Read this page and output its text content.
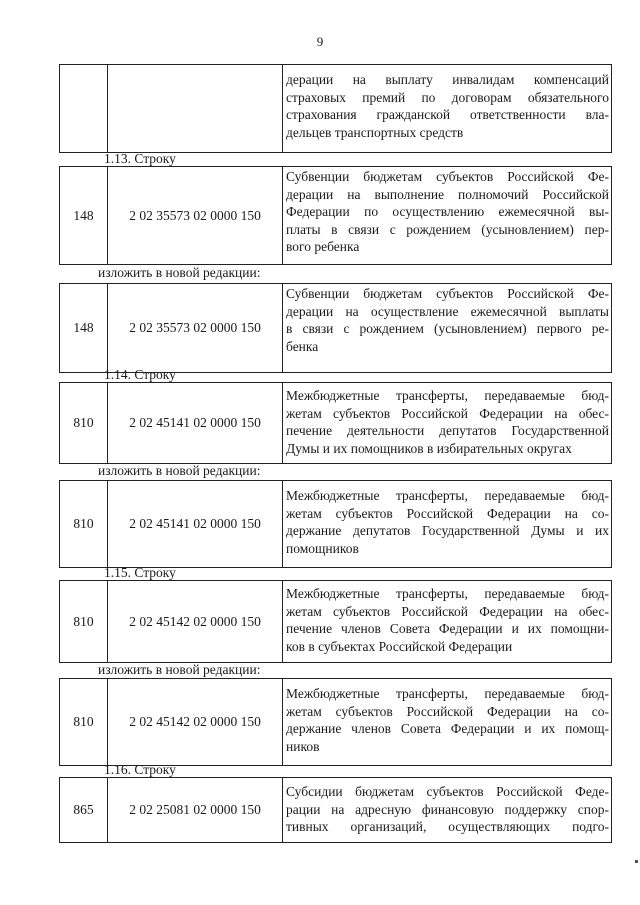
9

дерации на выплату инвалидам компенсаций
страховых премий по договорам обязательного
страхования гражданской ответственности вла-
дельцев транспортных средств
1.13. Строку
148	2 02 35573 02 0000 150	
Субвенции бюджетам субъектов Российской Фе-
дерации на выполнение полномочий Российской
Федерации по осуществлению ежемесячной вы-
платы в связи с рождением (усыновлением) пер-
вого ребенка
изложить в новой редакции:
148	2 02 35573 02 0000 150	
Субвенции бюджетам субъектов Российской Фе-
дерации на осуществление ежемесячной выплаты
в связи с рождением (усыновлением) первого ре-
бенка
1.14. Строку
810	2 02 45141 02 0000 150	
Межбюджетные трансферты, передаваемые бюд-
жетам субъектов Российской Федерации на обес-
печение деятельности депутатов Государственной
Думы и их помощников в избирательных округах
изложить в новой редакции:
810	2 02 45141 02 0000 150	
Межбюджетные трансферты, передаваемые бюд-
жетам субъектов Российской Федерации на со-
держание депутатов Государственной Думы и их
помощников
1.15. Строку
810	2 02 45142 02 0000 150	
Межбюджетные трансферты, передаваемые бюд-
жетам субъектов Российской Федерации на обес-
печение членов Совета Федерации и их помощни-
ков в субъектах Российской Федерации
изложить в новой редакции:
810	2 02 45142 02 0000 150	
Межбюджетные трансферты, передаваемые бюд-
жетам субъектов Российской Федерации на со-
держание членов Совета Федерации и их помощ-
ников
1.16. Строку
865	2 02 25081 02 0000 150	
Субсидии бюджетам субъектов Российской Феде-
рации на адресную финансовую поддержку спор-
тивных организаций, осуществляющих подго-
